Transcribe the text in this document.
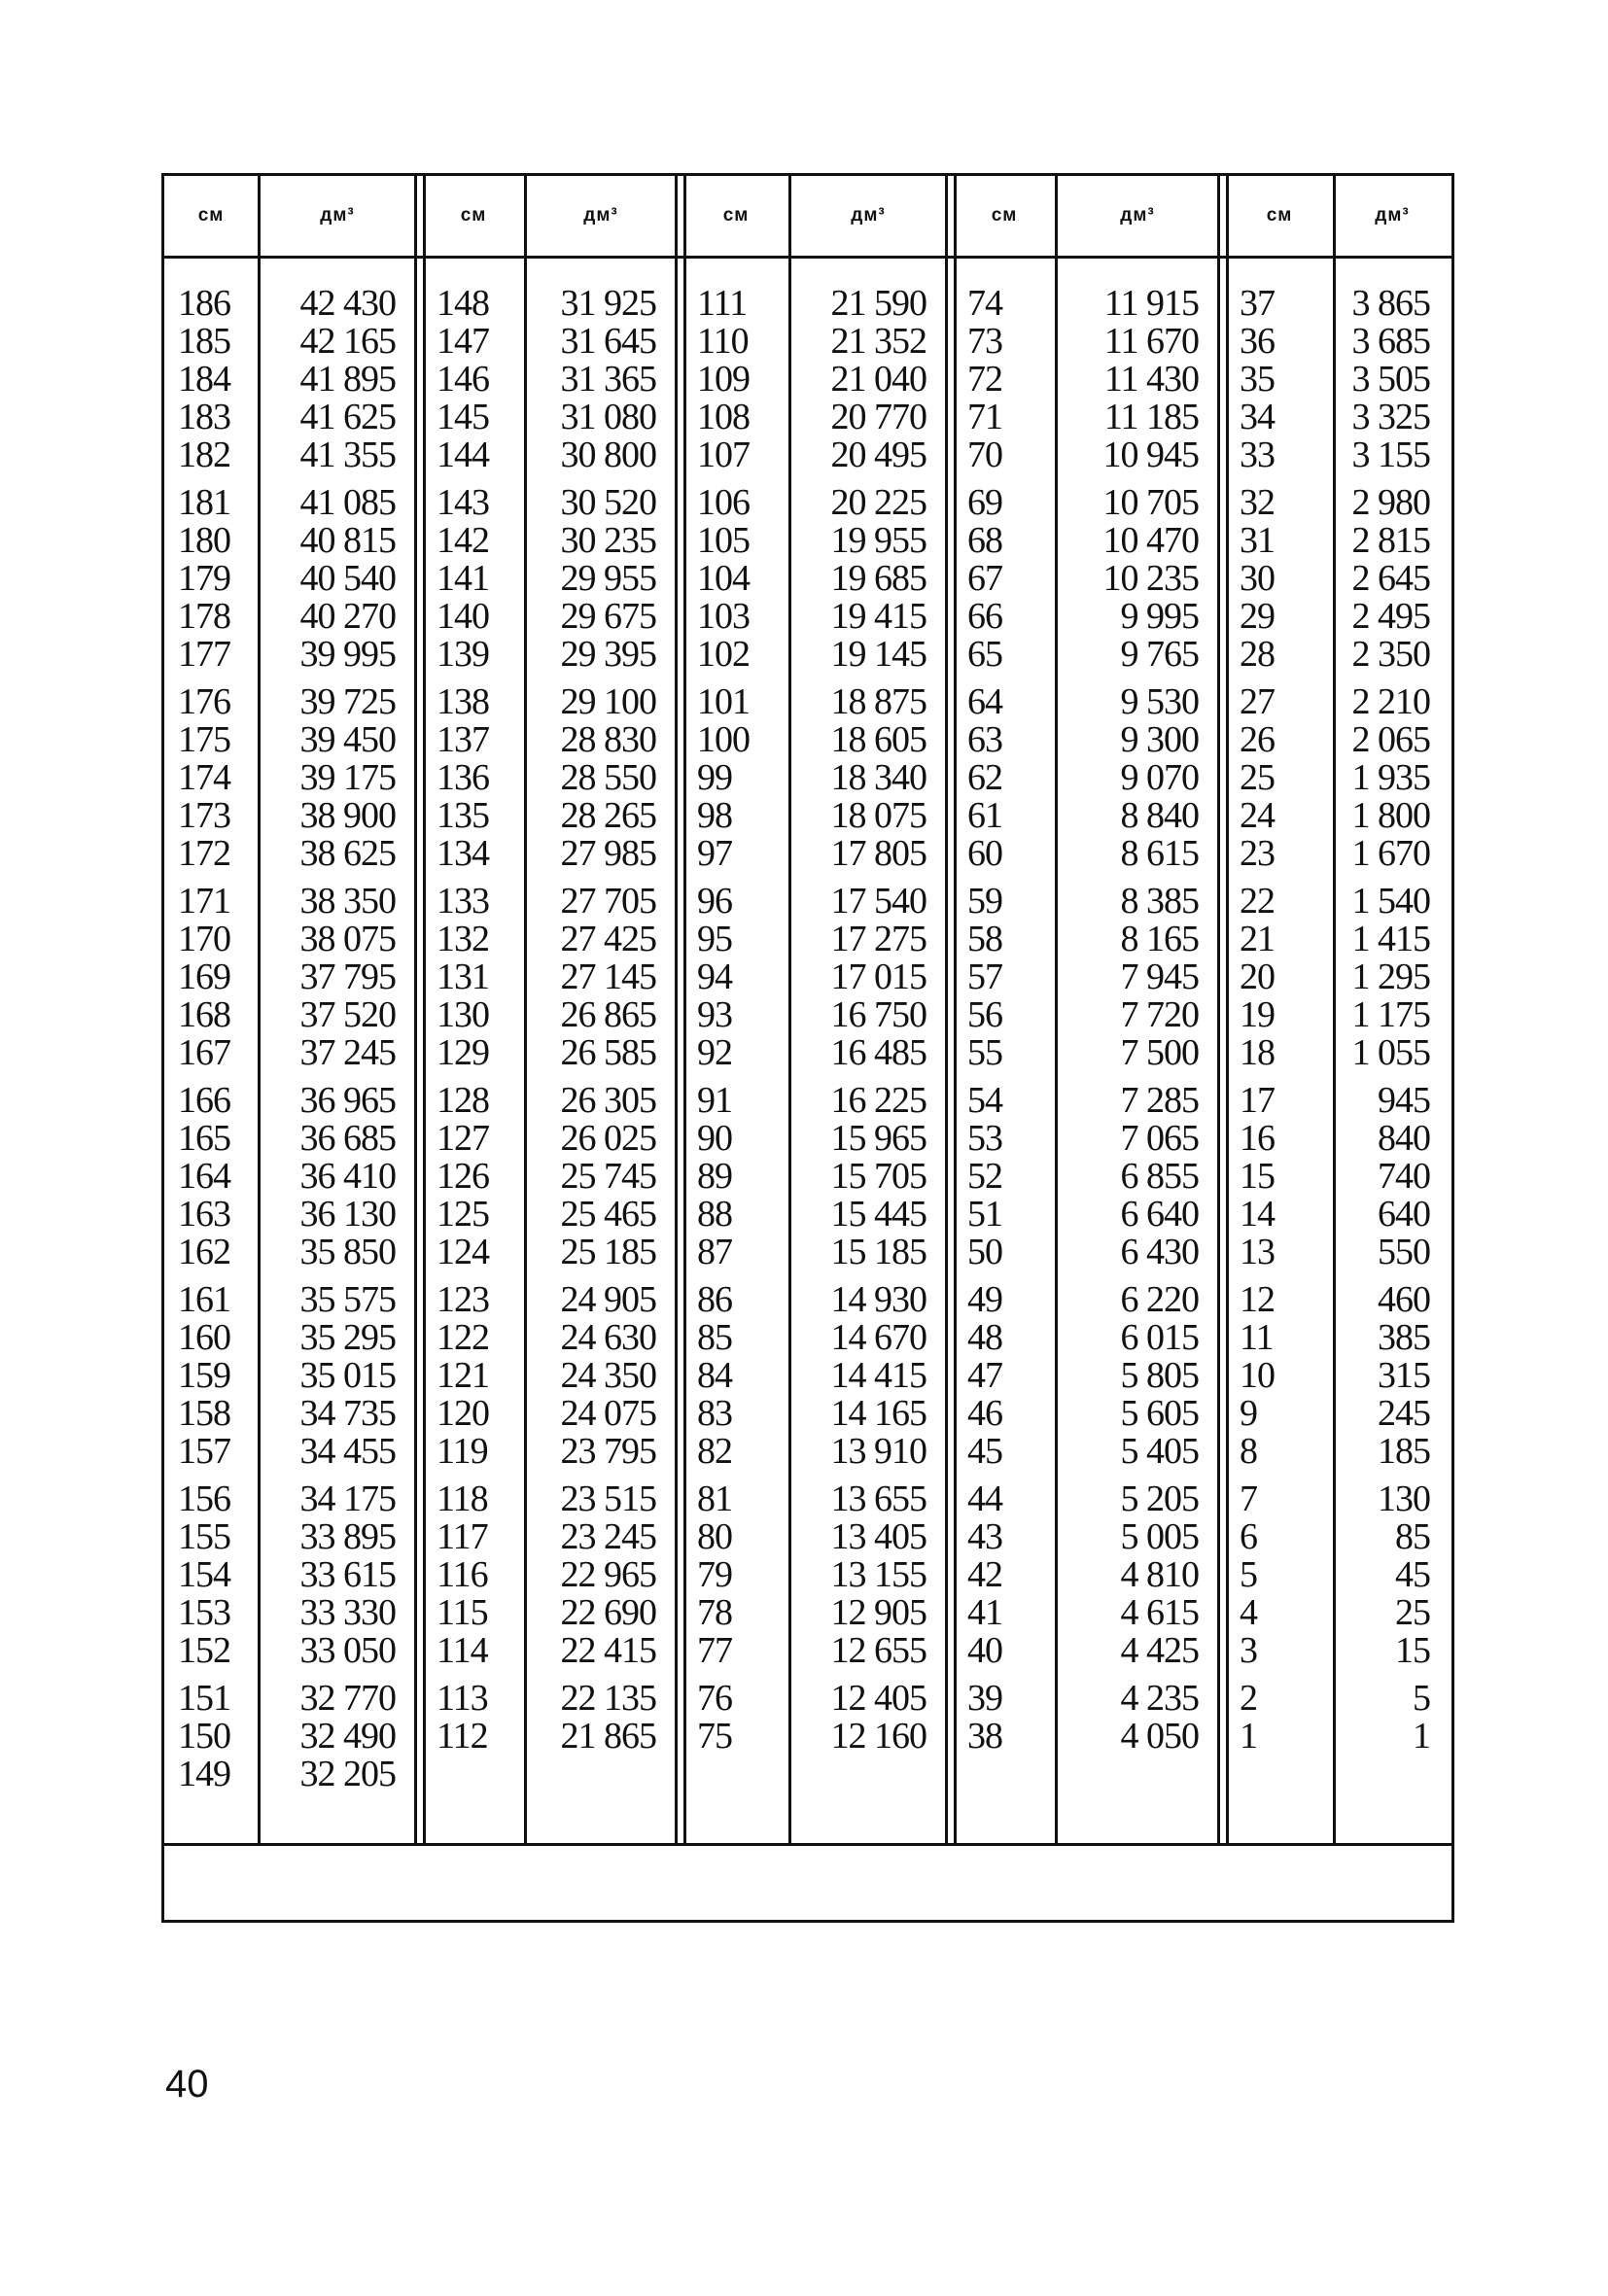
см
186
185
184
183
182
181
180
179
178
177
176
175
174
173
172
171
170
169
168
167
166
165
164
163
162
161
160
159
158
157
156
155
154
153
152
151
150
149
дм³
42 430
42 165
41 895
41 625
41 355
41 085
40 815
40 540
40 270
39 995
39 725
39 450
39 175
38 900
38 625
38 350
38 075
37 795
37 520
37 245
36 965
36 685
36 410
36 130
35 850
35 575
35 295
35 015
34 735
34 455
34 175
33 895
33 615
33 330
33 050
32 770
32 490
32 205
см
148
147
146
145
144
143
142
141
140
139
138
137
136
135
134
133
132
131
130
129
128
127
126
125
124
123
122
121
120
119
118
117
116
115
114
113
112
дм³
31 925
31 645
31 365
31 080
30 800
30 520
30 235
29 955
29 675
29 395
29 100
28 830
28 550
28 265
27 985
27 705
27 425
27 145
26 865
26 585
26 305
26 025
25 745
25 465
25 185
24 905
24 630
24 350
24 075
23 795
23 515
23 245
22 965
22 690
22 415
22 135
21 865
см
111
110
109
108
107
106
105
104
103
102
101
100
99
98
97
96
95
94
93
92
91
90
89
88
87
86
85
84
83
82
81
80
79
78
77
76
75
дм³
21 590
21 352
21 040
20 770
20 495
20 225
19 955
19 685
19 415
19 145
18 875
18 605
18 340
18 075
17 805
17 540
17 275
17 015
16 750
16 485
16 225
15 965
15 705
15 445
15 185
14 930
14 670
14 415
14 165
13 910
13 655
13 405
13 155
12 905
12 655
12 405
12 160
см
74
73
72
71
70
69
68
67
66
65
64
63
62
61
60
59
58
57
56
55
54
53
52
51
50
49
48
47
46
45
44
43
42
41
40
39
38
дм³
11 915
11 670
11 430
11 185
10 945
10 705
10 470
10 235
9 995
9 765
9 530
9 300
9 070
8 840
8 615
8 385
8 165
7 945
7 720
7 500
7 285
7 065
6 855
6 640
6 430
6 220
6 015
5 805
5 605
5 405
5 205
5 005
4 810
4 615
4 425
4 235
4 050
см
37
36
35
34
33
32
31
30
29
28
27
26
25
24
23
22
21
20
19
18
17
16
15
14
13
12
11
10
9
8
7
6
5
4
3
2
1
дм³
3 865
3 685
3 505
3 325
3 155
2 980
2 815
2 645
2 495
2 350
2 210
2 065
1 935
1 800
1 670
1 540
1 415
1 295
1 175
1 055
945
840
740
640
550
460
385
315
245
185
130
85
45
25
15
5
1
40
